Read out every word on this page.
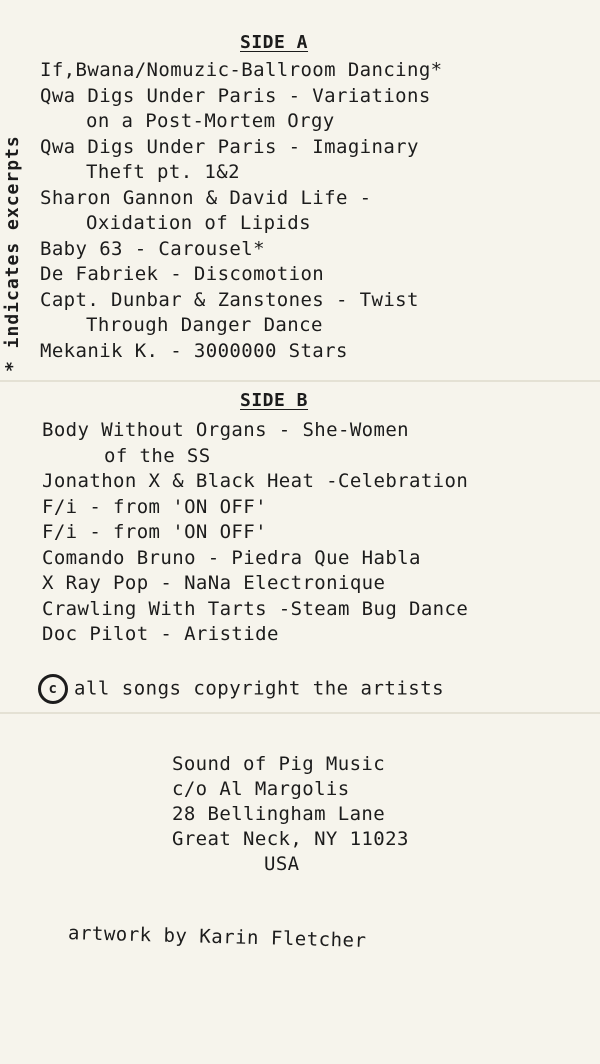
* indicates excerpts
SIDE A
If,Bwana/Nomuzic-Ballroom Dancing*
Qwa Digs Under Paris - Variations
on a Post-Mortem Orgy
Qwa Digs Under Paris - Imaginary
Theft pt. 1&2
Sharon Gannon & David Life -
Oxidation of Lipids
Baby 63 - Carousel*
De Fabriek - Discomotion
Capt. Dunbar & Zanstones - Twist
Through Danger Dance
Mekanik K. - 3000000 Stars
SIDE B
Body Without Organs - She-Women
of the SS
Jonathon X & Black Heat -Celebration
F/i - from 'ON OFF'
F/i - from 'ON OFF'
Comando Bruno - Piedra Que Habla
X Ray Pop - NaNa Electronique
Crawling With Tarts -Steam Bug Dance
Doc Pilot - Aristide
c all songs copyright the artists
Sound of Pig Music
c/o Al Margolis
28 Bellingham Lane
Great Neck, NY 11023
USA
artwork by Karin Fletcher
